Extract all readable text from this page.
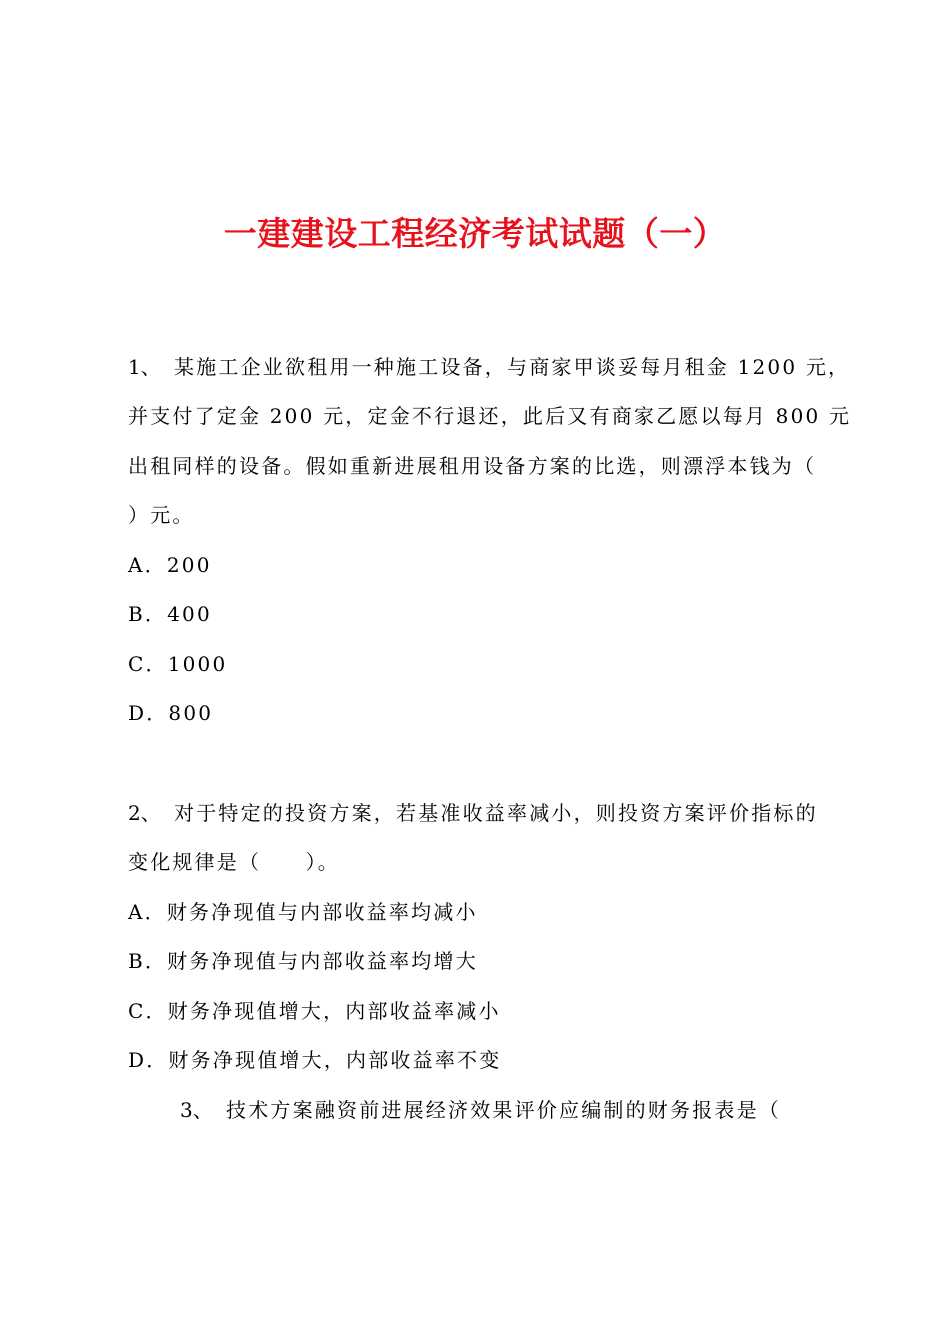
一建建设工程经济考试试题（一）
1、 某施工企业欲租用一种施工设备，与商家甲谈妥每月租金 1200 元，
并支付了定金 200 元，定金不行退还，此后又有商家乙愿以每月 800 元
出租同样的设备。假如重新进展租用设备方案的比选，则漂浮本钱为（
）元。
A．200
B．400
C．1000
D．800
2、 对于特定的投资方案，若基准收益率减小，则投资方案评价指标的
变化规律是（　　）。
A．财务净现值与内部收益率均减小
B．财务净现值与内部收益率均增大
C．财务净现值增大，内部收益率减小
D．财务净现值增大，内部收益率不变
3、 技术方案融资前进展经济效果评价应编制的财务报表是（
